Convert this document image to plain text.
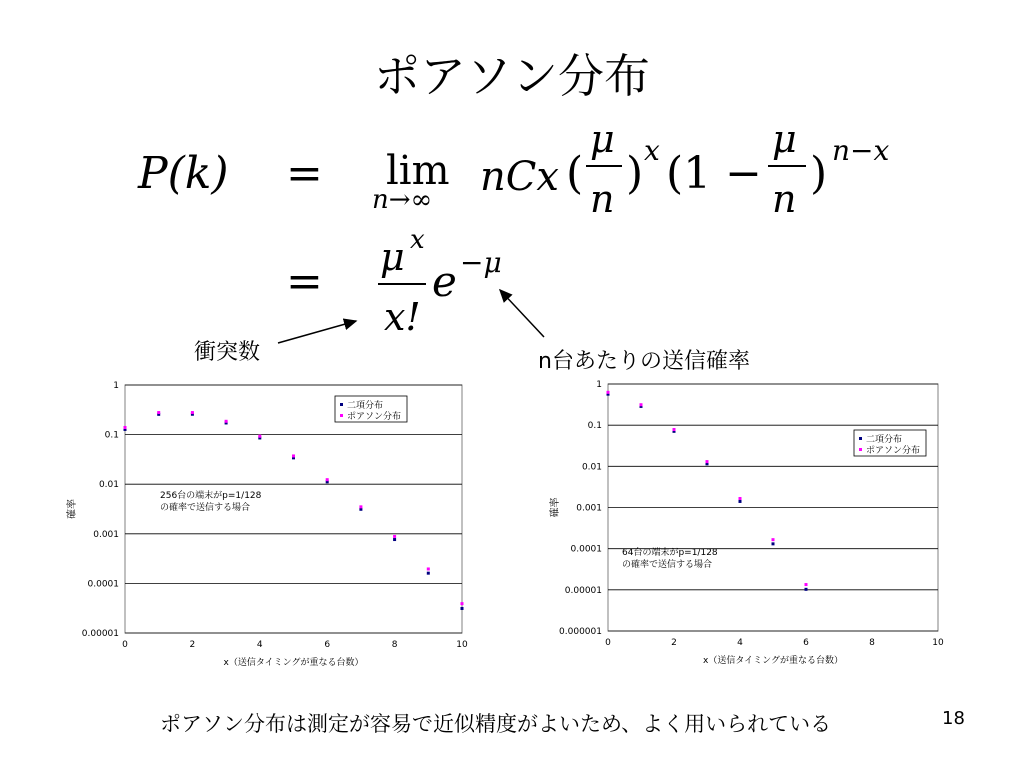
ポアソン分布
P(k) = lim
n→∞ nCx (
μ
n ) x (1 −
μ
n ) n−x
= μ x
x!
e −μ
衝突数	n台あたりの送信確率
1
0.1
0.01
0.001
0.0001
0.00001
0	2	4	6	8	10
x（送信タイミングが重なる台数）
確率
256台の端末がp=1/128
の確率で送信する場合
二項分布
ポアソン分布
1
0.1
0.01
0.001
0.0001
0.00001
0.000001
0	2	4	6	8	10
x（送信タイミングが重なる台数）
確率
64台の端末がp=1/128
の確率で送信する場合
二項分布
ポアソン分布
ポアソン分布は測定が容易で近似精度がよいため、よく用いられている	18
